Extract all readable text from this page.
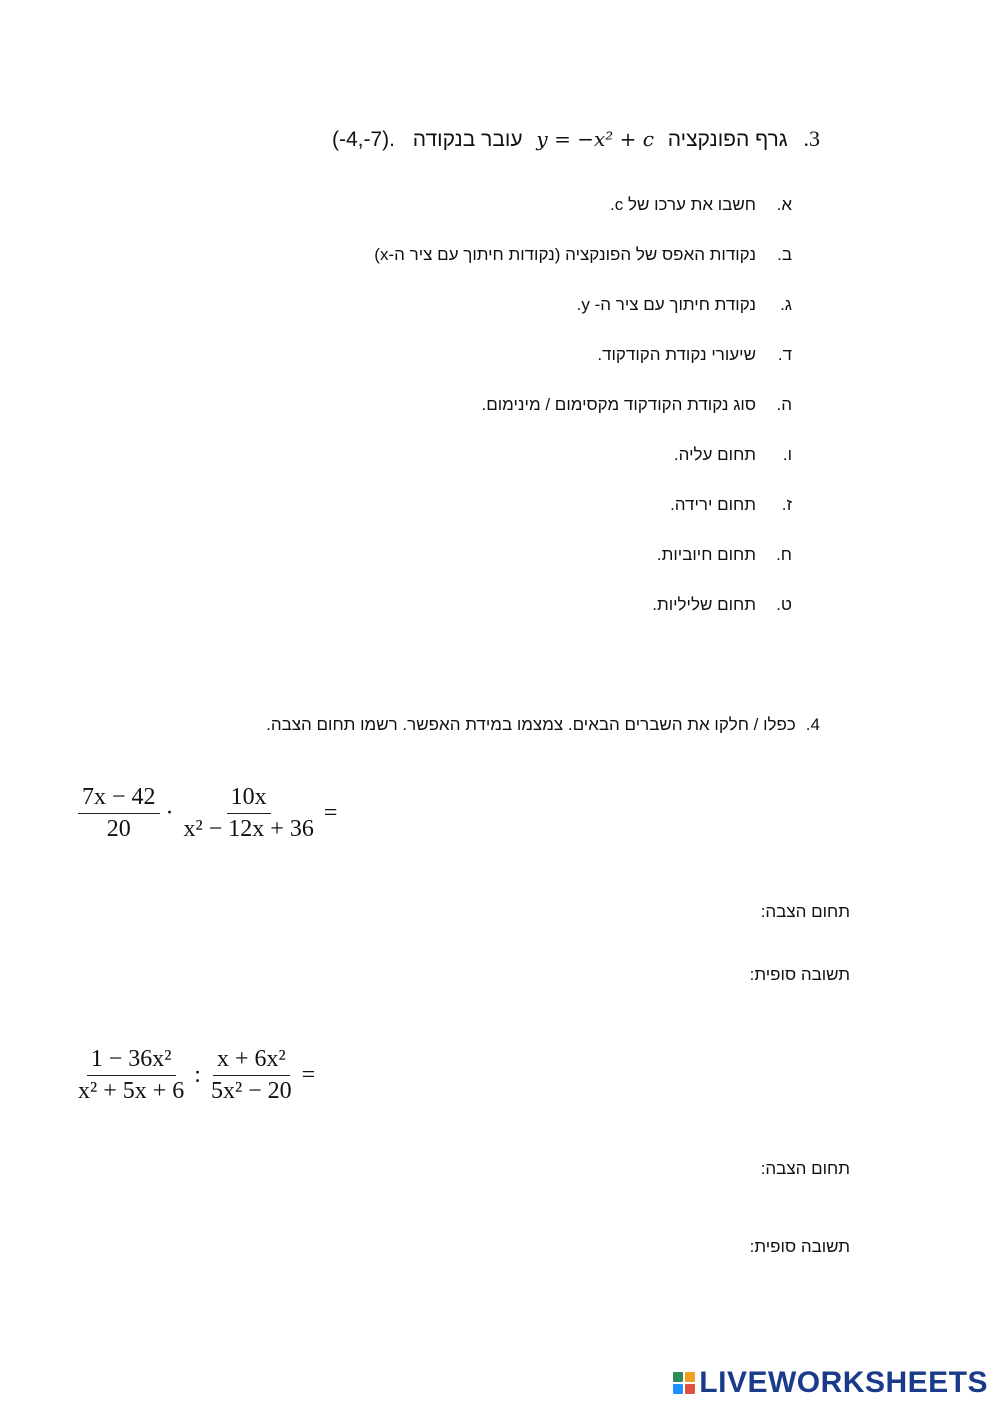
3. גרף הפונקציה y = −x² + c עובר בנקודה (-4,-7).
א.חשבו את ערכו של c.
ב.נקודות האפס של הפונקציה (נקודות חיתוך עם ציר ה-x)
ג.נקודת חיתוך עם ציר ה- y.
ד.שיעורי נקודת הקודקוד.
ה.סוג נקודת הקודקוד מקסימום / מינימום.
ו.תחום עליה.
ז.תחום ירידה.
ח.תחום חיוביות.
ט.תחום שליליות.
4.כפלו / חלקו את השברים הבאים. צמצמו במידת האפשר. רשמו תחום הצבה.
$\frac{7x - 42}{20} \cdot \frac{10x}{\text{x² − 12x + 36}}$ =
תחום הצבה:
תשובה סופית:
$\frac{\text{1 − 36x²}}{\text{x² + 5x + 6}}$ : $\frac{\text{x + 6x²}}{\text{5x² − 20}}$ =
תחום הצבה:
תשובה סופית:
LIVEWORKSHEETS
